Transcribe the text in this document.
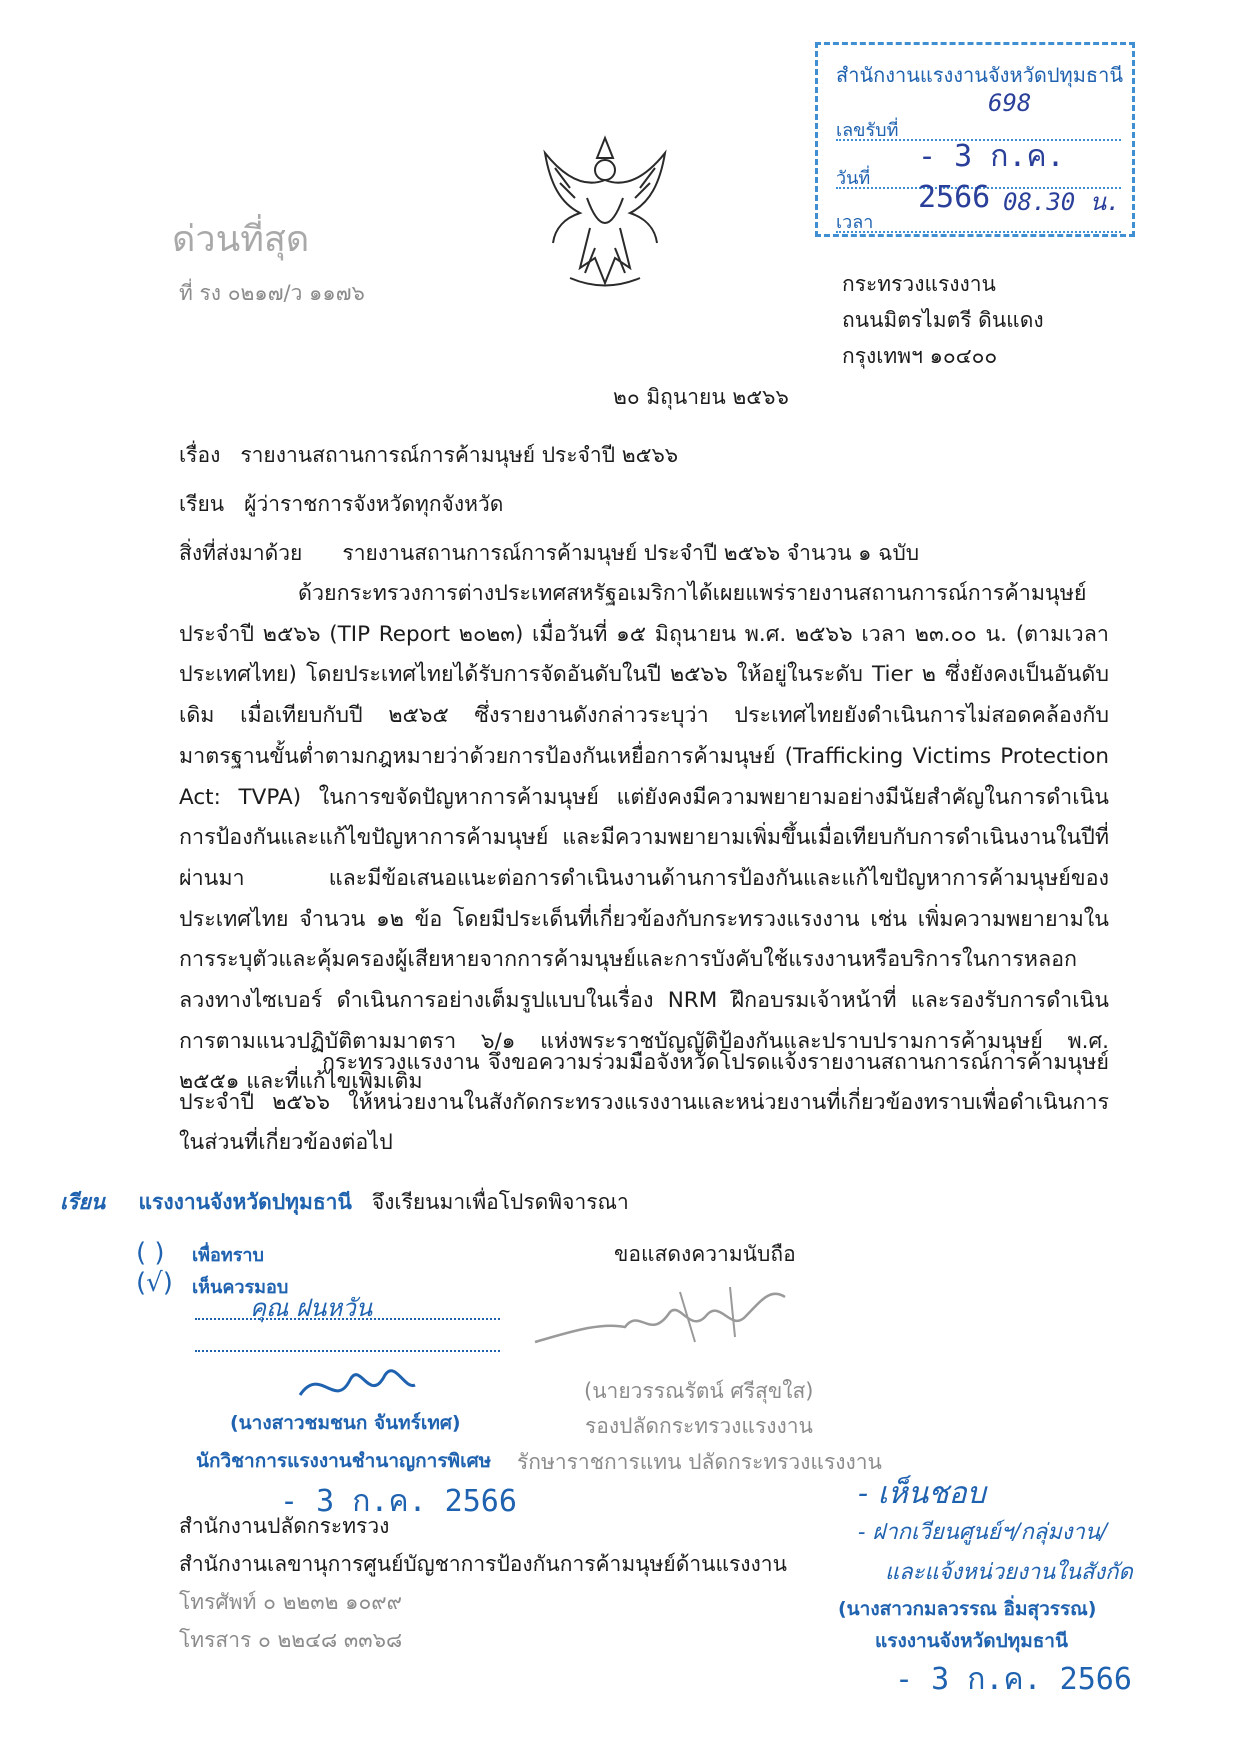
ด่วนที่สุด
ที่ รง ๐๒๑๗/ว ๑๑๗๖
สำนักงานแรงงานจังหวัดปทุมธานี
เลขรับที่
วันที่
เวลา
698
- 3 ก.ค. 2566 08.30 น.
กระทรวงแรงงาน
ถนนมิตรไมตรี ดินแดง
กรุงเทพฯ ๑๐๔๐๐
๒๐ มิถุนายน ๒๕๖๖
เรื่อง รายงานสถานการณ์การค้ามนุษย์ ประจำปี ๒๕๖๖
เรียน ผู้ว่าราชการจังหวัดทุกจังหวัด
สิ่งที่ส่งมาด้วย รายงานสถานการณ์การค้ามนุษย์ ประจำปี ๒๕๖๖ จำนวน ๑ ฉบับ
ด้วยกระทรวงการต่างประเทศสหรัฐอเมริกาได้เผยแพร่รายงานสถานการณ์การค้ามนุษย์ ประจำปี ๒๕๖๖ (TIP Report ๒๐๒๓) เมื่อวันที่ ๑๕ มิถุนายน พ.ศ. ๒๕๖๖ เวลา ๒๓.๐๐ น. (ตามเวลาประเทศไทย) โดยประเทศไทยได้รับการจัดอันดับในปี ๒๕๖๖ ให้อยู่ในระดับ Tier ๒ ซึ่งยังคงเป็นอันดับเดิม เมื่อเทียบกับปี ๒๕๖๕ ซึ่งรายงานดังกล่าวระบุว่า ประเทศไทยยังดำเนินการไม่สอดคล้องกับมาตรฐานขั้นต่ำตามกฎหมายว่าด้วยการป้องกันเหยื่อการค้ามนุษย์ (Trafficking Victims Protection Act: TVPA) ในการขจัดปัญหาการค้ามนุษย์ แต่ยังคงมีความพยายามอย่างมีนัยสำคัญในการดำเนินการป้องกันและแก้ไขปัญหาการค้ามนุษย์ และมีความพยายามเพิ่มขึ้นเมื่อเทียบกับการดำเนินงานในปีที่ผ่านมา และมีข้อเสนอแนะต่อการดำเนินงานด้านการป้องกันและแก้ไขปัญหาการค้ามนุษย์ของประเทศไทย จำนวน ๑๒ ข้อ โดยมีประเด็นที่เกี่ยวข้องกับกระทรวงแรงงาน เช่น เพิ่มความพยายามในการระบุตัวและคุ้มครองผู้เสียหายจากการค้ามนุษย์และการบังคับใช้แรงงานหรือบริการในการหลอกลวงทางไซเบอร์ ดำเนินการอย่างเต็มรูปแบบในเรื่อง NRM ฝึกอบรมเจ้าหน้าที่ และรองรับการดำเนินการตามแนวปฏิบัติตามมาตรา ๖/๑ แห่งพระราชบัญญัติป้องกันและปราบปรามการค้ามนุษย์ พ.ศ. ๒๕๕๑ และที่แก้ไขเพิ่มเติม
กระทรวงแรงงาน จึงขอความร่วมมือจังหวัดโปรดแจ้งรายงานสถานการณ์การค้ามนุษย์ ประจำปี ๒๕๖๖ ให้หน่วยงานในสังกัดกระทรวงแรงงานและหน่วยงานที่เกี่ยวข้องทราบเพื่อดำเนินการในส่วนที่เกี่ยวข้องต่อไป
เรียน แรงงานจังหวัดปทุมธานี จึงเรียนมาเพื่อโปรดพิจารณา
( ) เพื่อทราบ
(√) เห็นควรมอบ
คุณ ฝนหวัน
(นางสาวชมชนก จันทร์เทศ)
นักวิชาการแรงงานชำนาญการพิเศษ
- 3 ก.ค. 2566
ขอแสดงความนับถือ
(นายวรรณรัตน์ ศรีสุขใส)
รองปลัดกระทรวงแรงงาน
รักษาราชการแทน ปลัดกระทรวงแรงงาน
สำนักงานปลัดกระทรวง
สำนักงานเลขานุการศูนย์บัญชาการป้องกันการค้ามนุษย์ด้านแรงงาน
โทรศัพท์ ๐ ๒๒๓๒ ๑๐๙๙
โทรสาร ๐ ๒๒๔๘ ๓๓๖๘
- เห็นชอบ
- ฝากเวียนศูนย์ฯ/กลุ่มงาน/
และแจ้งหน่วยงานในสังกัด
(นางสาวกมลวรรณ อิ่มสุวรรณ)
แรงงานจังหวัดปทุมธานี
- 3 ก.ค. 2566
